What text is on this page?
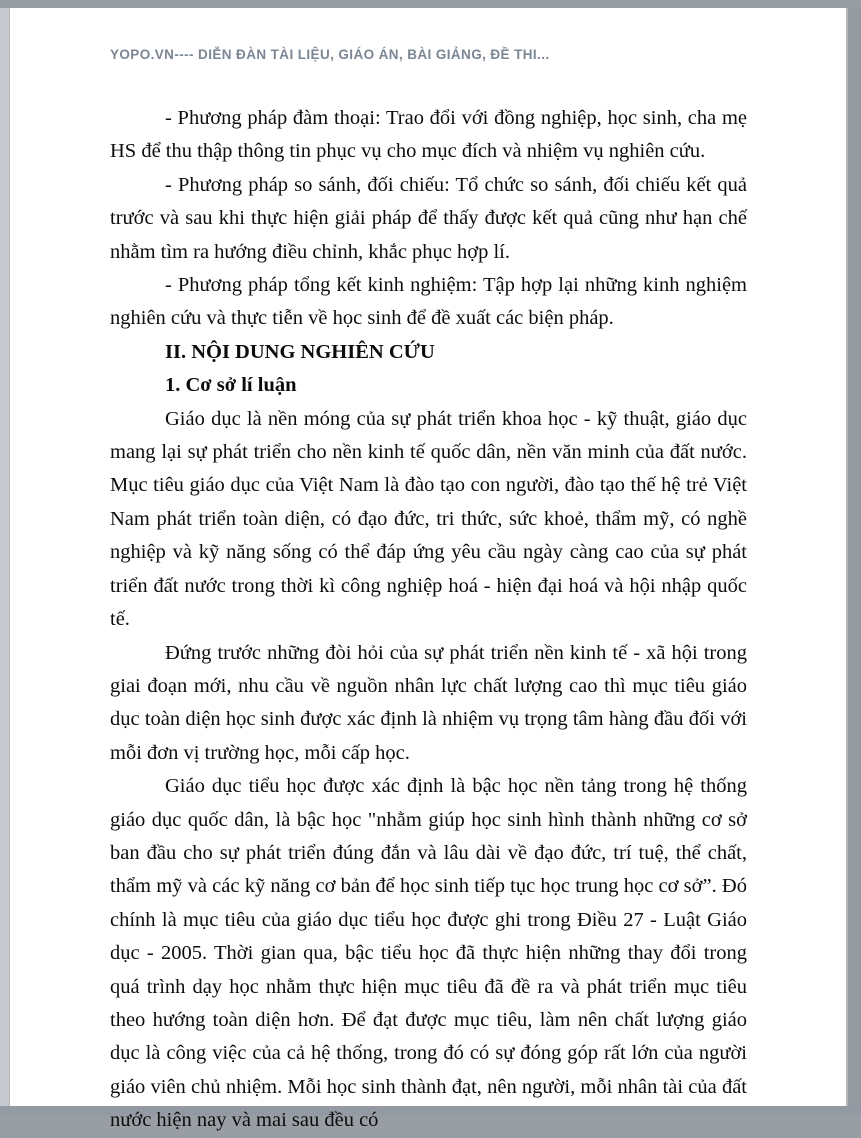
YOPO.VN---- DIỄN ĐÀN TÀI LIỆU, GIÁO ÁN, BÀI GIẢNG, ĐỀ THI...

- Phương pháp đàm thoại: Trao đổi với đồng nghiệp, học sinh, cha mẹ HS để thu thập thông tin phục vụ cho mục đích và nhiệm vụ nghiên cứu.

- Phương pháp so sánh, đối chiếu: Tổ chức so sánh, đối chiếu kết quả trước và sau khi thực hiện giải pháp để thấy được kết quả cũng như hạn chế nhằm tìm ra hướng điều chỉnh, khắc phục hợp lí.

- Phương pháp tổng kết kinh nghiệm: Tập hợp lại những kinh nghiệm nghiên cứu và thực tiễn về học sinh để đề xuất các biện pháp.

II. NỘI DUNG NGHIÊN CỨU

1. Cơ sở lí luận

Giáo dục là nền móng của sự phát triển khoa học - kỹ thuật, giáo dục mang lại sự phát triển cho nền kinh tế quốc dân, nền văn minh của đất nước. Mục tiêu giáo dục của Việt Nam là đào tạo con người, đào tạo thế hệ trẻ Việt Nam phát triển toàn diện, có đạo đức, tri thức, sức khoẻ, thẩm mỹ, có nghề nghiệp và kỹ năng sống có thể đáp ứng yêu cầu ngày càng cao của sự phát triển đất nước trong thời kì công nghiệp hoá - hiện đại hoá và hội nhập quốc tế.

Đứng trước những đòi hỏi của sự phát triển nền kinh tế - xã hội trong giai đoạn mới, nhu cầu về nguồn nhân lực chất lượng cao thì mục tiêu giáo dục toàn diện học sinh được xác định là nhiệm vụ trọng tâm hàng đầu đối với mỗi đơn vị trường học, mỗi cấp học.

Giáo dục tiểu học được xác định là bậc học nền tảng trong hệ thống giáo dục quốc dân, là bậc học "nhằm giúp học sinh hình thành những cơ sở ban đầu cho sự phát triển đúng đắn và lâu dài về đạo đức, trí tuệ, thể chất, thẩm mỹ và các kỹ năng cơ bản để học sinh tiếp tục học trung học cơ sở”. Đó chính là mục tiêu của giáo dục tiểu học được ghi trong Điều 27 - Luật Giáo dục - 2005. Thời gian qua, bậc tiểu học đã thực hiện những thay đổi trong quá trình dạy học nhằm thực hiện mục tiêu đã đề ra và phát triển mục tiêu theo hướng toàn diện hơn. Để đạt được mục tiêu, làm nên chất lượng giáo dục là công việc của cả hệ thống, trong đó có sự đóng góp rất lớn của người giáo viên chủ nhiệm. Mỗi học sinh thành đạt, nên người, mỗi nhân tài của đất nước hiện nay và mai sau đều có
